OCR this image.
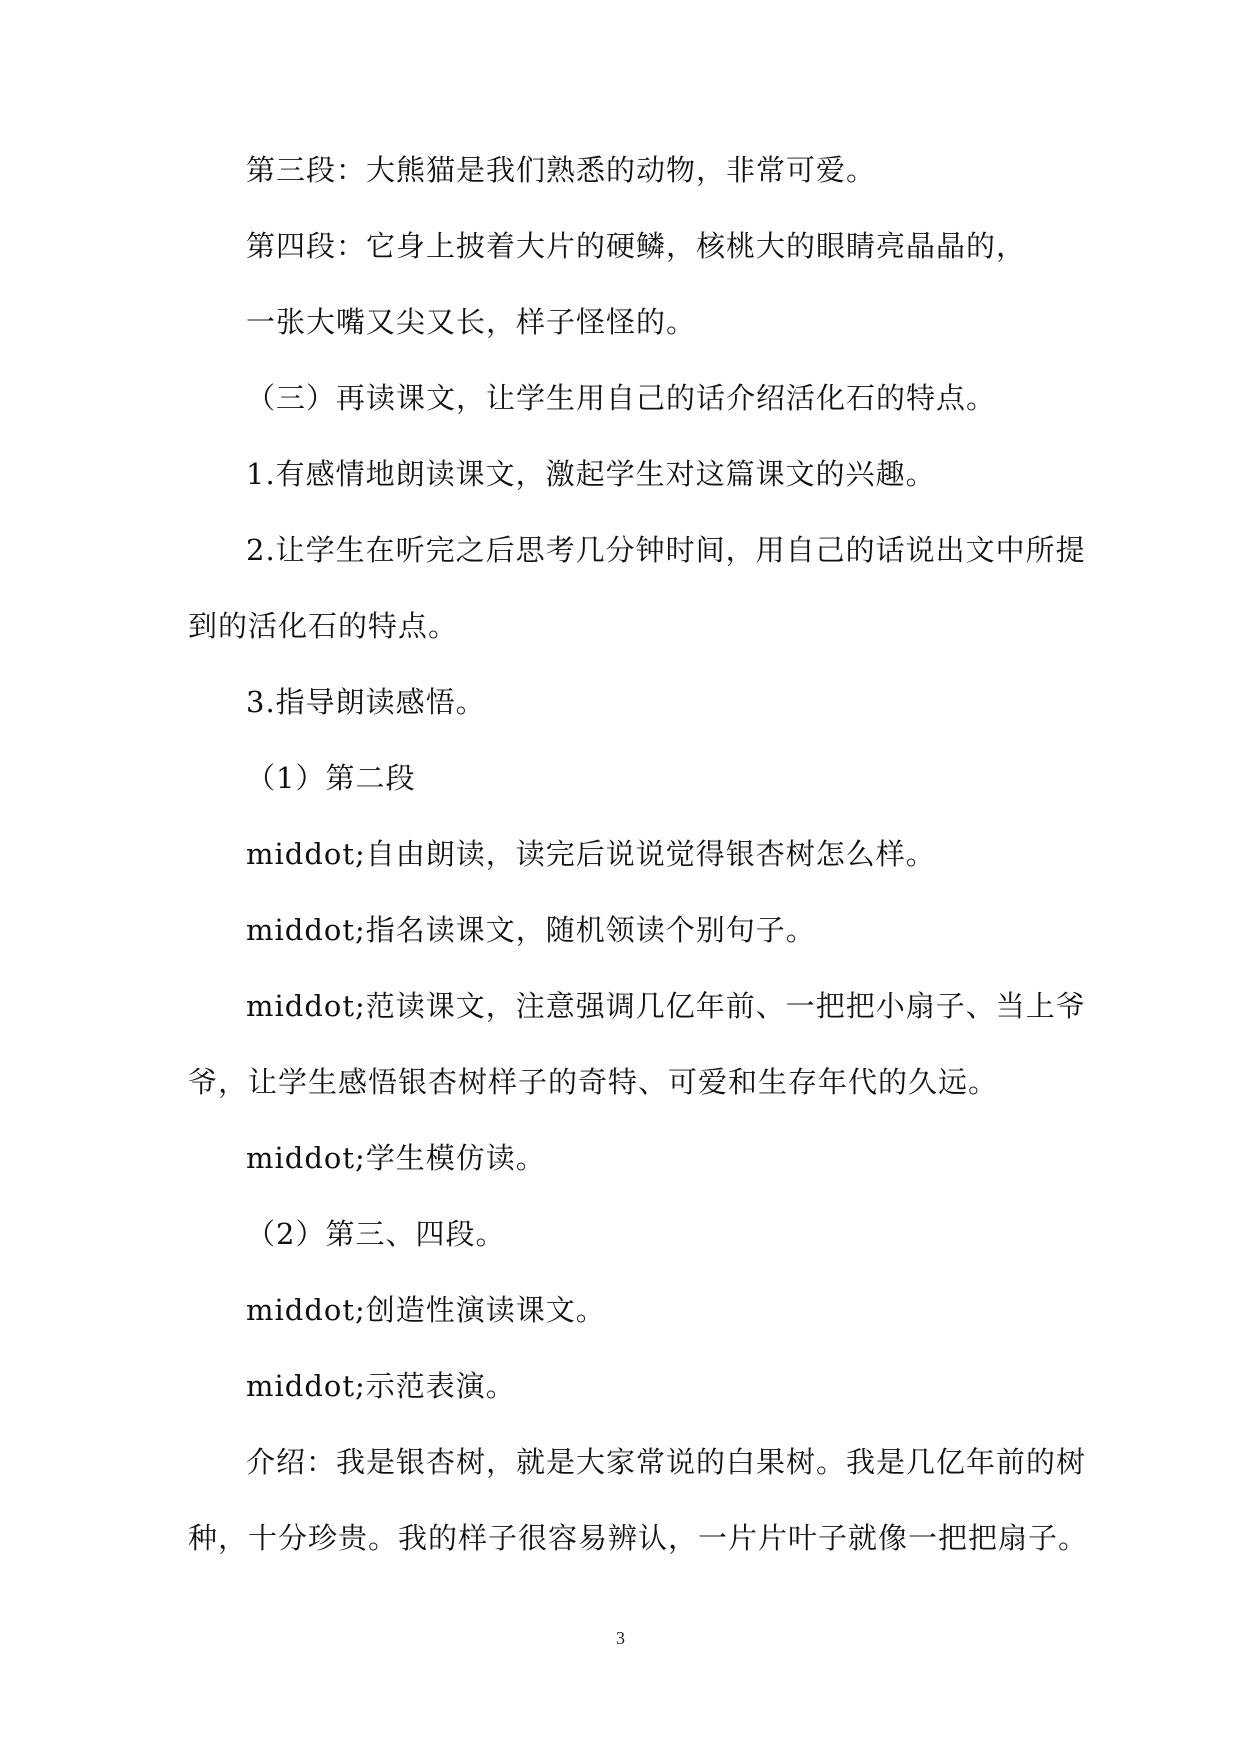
第三段：大熊猫是我们熟悉的动物，非常可爱。
第四段：它身上披着大片的硬鳞，核桃大的眼睛亮晶晶的，
一张大嘴又尖又长，样子怪怪的。
（三）再读课文，让学生用自己的话介绍活化石的特点。
1.有感情地朗读课文，激起学生对这篇课文的兴趣。
2.让学生在听完之后思考几分钟时间，用自己的话说出文中所提
到的活化石的特点。
3.指导朗读感悟。
（1）第二段
middot;自由朗读，读完后说说觉得银杏树怎么样。
middot;指名读课文，随机领读个别句子。
middot;范读课文，注意强调几亿年前、一把把小扇子、当上爷
爷，让学生感悟银杏树样子的奇特、可爱和生存年代的久远。
middot;学生模仿读。
（2）第三、四段。
middot;创造性演读课文。
middot;示范表演。
介绍：我是银杏树，就是大家常说的白果树。我是几亿年前的树
种，十分珍贵。我的样子很容易辨认，一片片叶子就像一把把扇子。
3
